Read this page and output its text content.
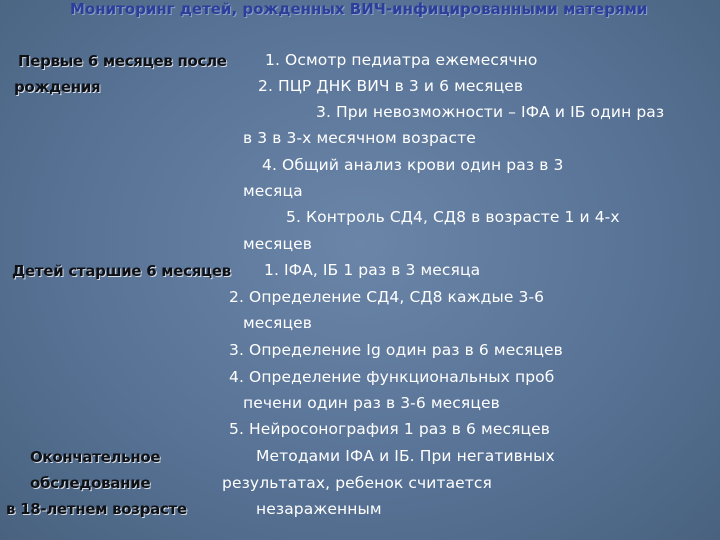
Мониторинг детей, рожденных ВИЧ-инфицированными матерями
Первые 6 месяцев после
рождения
1. Осмотр педиатра ежемесячно
2. ПЦР ДНК ВИЧ в 3 и 6 месяцев
3. При невозможности – ІФА и ІБ один раз
в 3 в 3-х месячном возрасте
4. Общий анализ крови один раз в 3
месяца
5. Контроль СД4, СД8 в возрасте 1 и 4-х
месяцев
Детей старшие 6 месяцев 1. ІФА, ІБ 1 раз в 3 месяца
2. Определение СД4, СД8 каждые 3-6
месяцев
3. Определение Ig один раз в 6 месяцев
4. Определение функциональных проб
печени один раз в 3-6 месяцев
5. Нейросонография 1 раз в 6 месяцев
Окончательное
обследование
в 18-летнем возрасте
Методами ІФА и ІБ. При негативных
результатах, ребенок считается
незараженным
